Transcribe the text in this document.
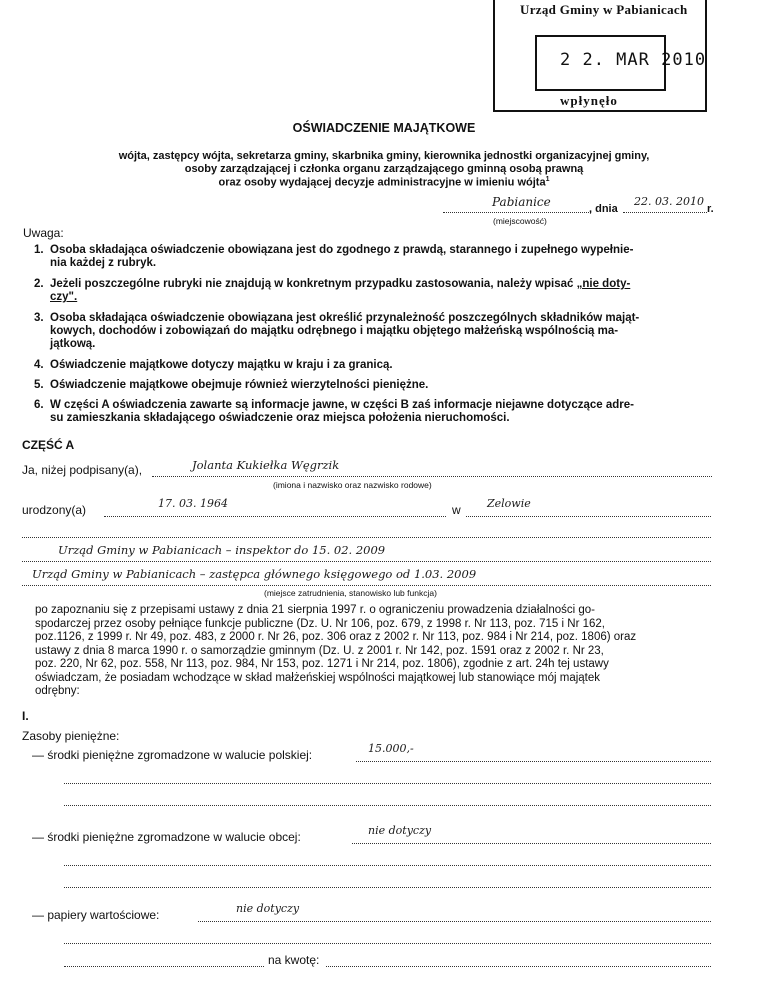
Urząd Gminy w Pabianicach
2 2. MAR 2010
wpłynęło
OŚWIADCZENIE MAJĄTKOWE
wójta, zastępcy wójta, sekretarza gminy, skarbnika gminy, kierownika jednostki organizacyjnej gminy,
osoby zarządzającej i członka organu zarządzającego gminną osobą prawną
oraz osoby wydającej decyzje administracyjne w imieniu wójta$^1$
Pabianice	, dnia
22. 03. 2010
r.
(miejscowość)
Uwaga:
1. Osoba składająca oświadczenie obowiązana jest do zgodnego z prawdą, starannego i zupełnego wypełnie-
nia każdej z rubryk.
2. Jeżeli poszczególne rubryki nie znajdują w konkretnym przypadku zastosowania, należy wpisać „nie doty-
czy".
3. Osoba składająca oświadczenie obowiązana jest określić przynależność poszczególnych składników mająt-
kowych, dochodów i zobowiązań do majątku odrębnego i majątku objętego małżeńską wspólnością ma-
jątkową.
4. Oświadczenie majątkowe dotyczy majątku w kraju i za granicą.
5. Oświadczenie majątkowe obejmuje również wierzytelności pieniężne.
6. W części A oświadczenia zawarte są informacje jawne, w części B zaś informacje niejawne dotyczące adre-
su zamieszkania składającego oświadczenie oraz miejsca położenia nieruchomości.
CZĘŚĆ A
Ja, niżej podpisany(a),	Jolanta Kukiełka Węgrzik
(imiona i nazwisko oraz nazwisko rodowe)
urodzony(a)	17. 03. 1964	w Zelowie
Urząd Gminy w Pabianicach – inspektor do 15. 02. 2009
Urząd Gminy w Pabianicach – zastępca głównego księgowego od 1.03. 2009
(miejsce zatrudnienia, stanowisko lub funkcja)
po zapoznaniu się z przepisami ustawy z dnia 21 sierpnia 1997 r. o ograniczeniu prowadzenia działalności go-
spodarczej przez osoby pełniące funkcje publiczne (Dz. U. Nr 106, poz. 679, z 1998 r. Nr 113, poz. 715 i Nr 162,
poz.1126, z 1999 r. Nr 49, poz. 483, z 2000 r. Nr 26, poz. 306 oraz z 2002 r. Nr 113, poz. 984 i Nr 214, poz. 1806) oraz
ustawy z dnia 8 marca 1990 r. o samorządzie gminnym (Dz. U. z 2001 r. Nr 142, poz. 1591 oraz z 2002 r. Nr 23,
poz. 220, Nr 62, poz. 558, Nr 113, poz. 984, Nr 153, poz. 1271 i Nr 214, poz. 1806), zgodnie z art. 24h tej ustawy
oświadczam, że posiadam wchodzące w skład małżeńskiej wspólności majątkowej lub stanowiące mój majątek
odrębny:
I.
Zasoby pieniężne:
— środki pieniężne zgromadzone w walucie polskiej:	15.000,-
— środki pieniężne zgromadzone w walucie obcej:	nie dotyczy
— papiery wartościowe:	nie dotyczy
na kwotę:
